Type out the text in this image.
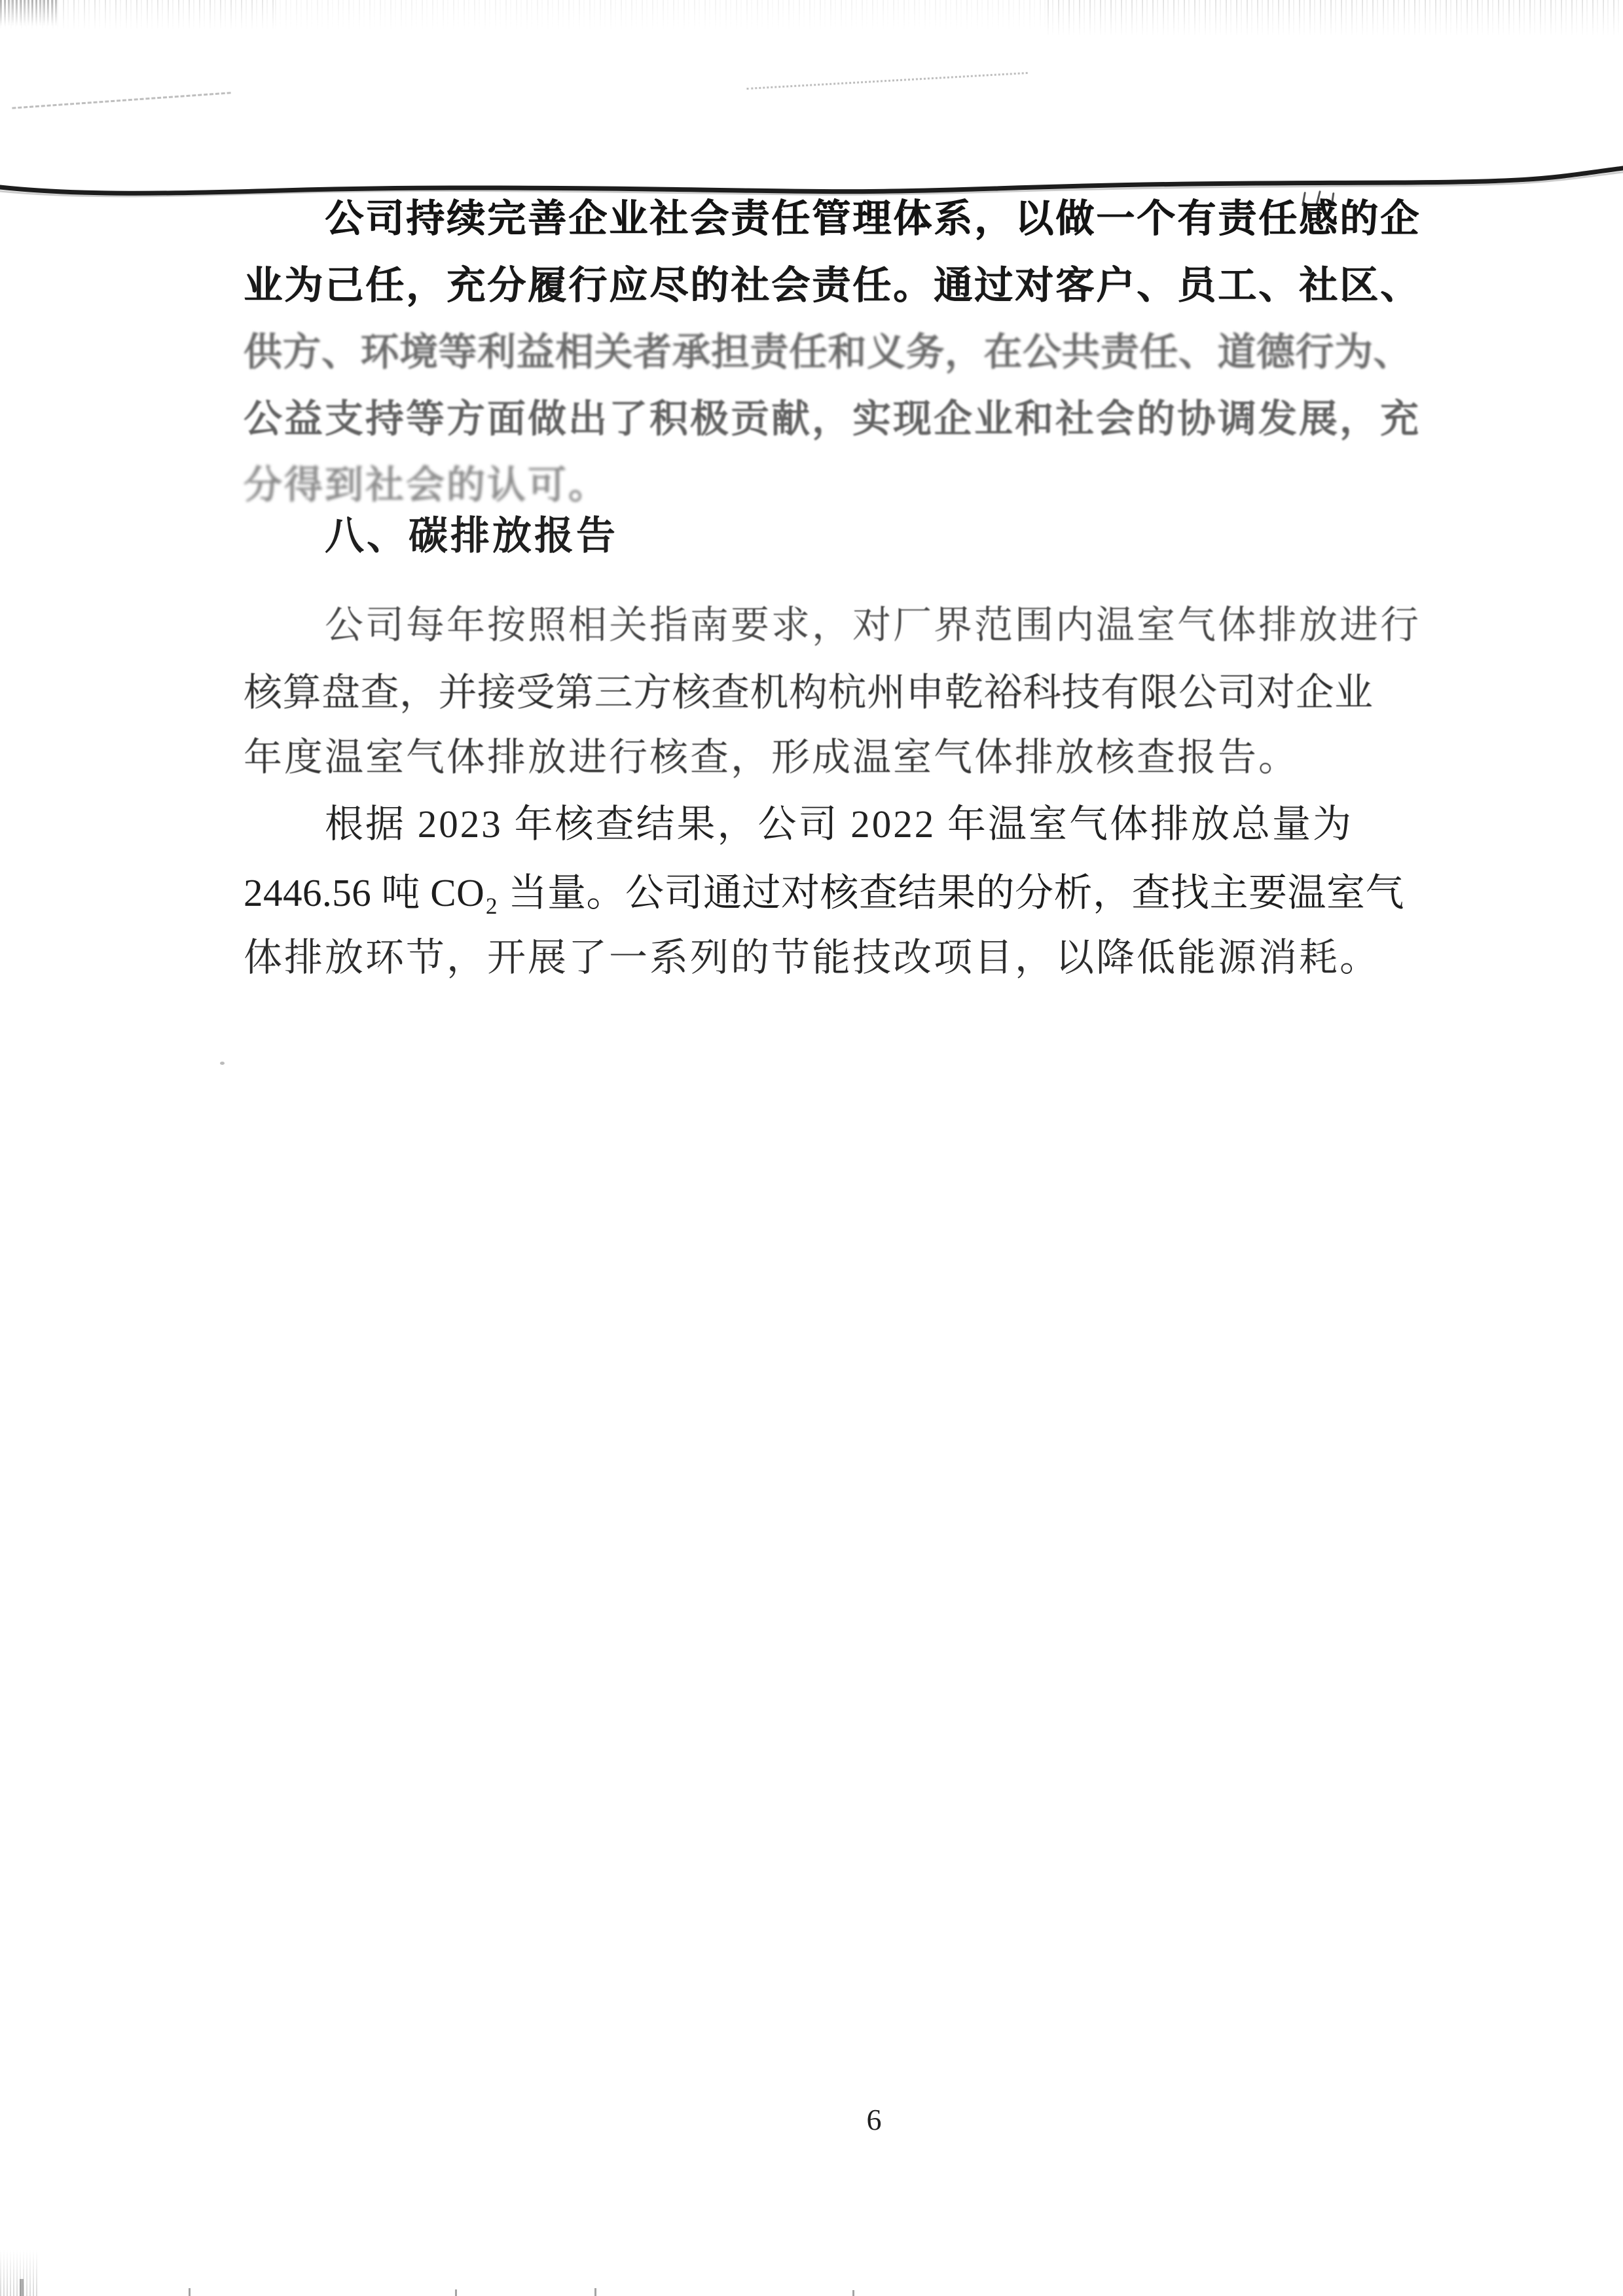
公司持续完善企业社会责任管理体系，以做一个有责任感的企
业为己任，充分履行应尽的社会责任。通过对客户、员工、社区、
供方、环境等利益相关者承担责任和义务，在公共责任、道德行为、
公益支持等方面做出了积极贡献，实现企业和社会的协调发展，充
分得到社会的认可。
八、碳排放报告
公司每年按照相关指南要求，对厂界范围内温室气体排放进行
核算盘查，并接受第三方核查机构杭州申乾裕科技有限公司对企业
年度温室气体排放进行核查，形成温室气体排放核查报告。
根据 2023 年核查结果，公司 2022 年温室气体排放总量为
2446.56 吨 CO₂ 当量。公司通过对核查结果的分析，查找主要温室气
体排放环节，开展了一系列的节能技改项目，以降低能源消耗。
6
